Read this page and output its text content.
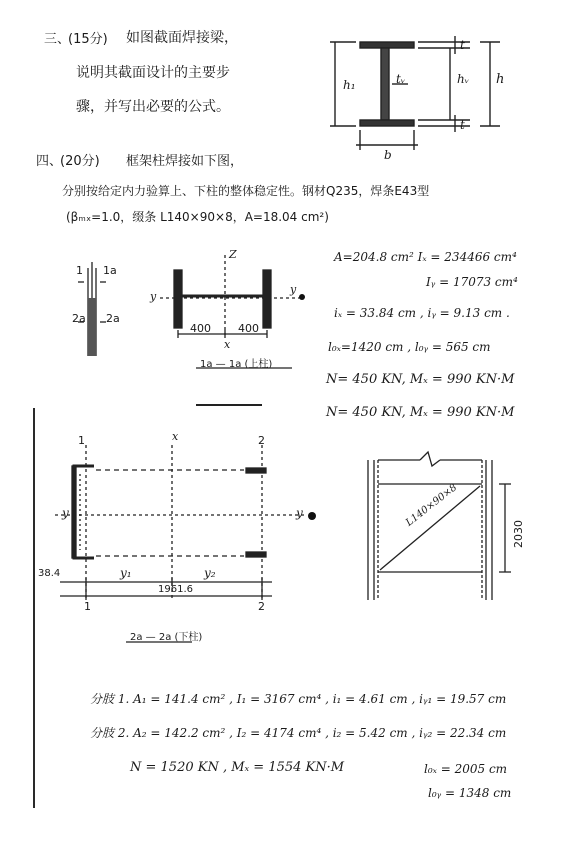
三、
(15分) 如图截面焊接梁，
说明其截面设计的主要步
骤，并写出必要的公式。
t
h₁	tᵥ	hᵥ h
t
b
四、
(20分) 框架柱焊接如下图，
分别按给定内力验算上、下柱的整体稳定性。钢材Q235，焊条E43型
(βₘₓ=1.0，缀条 L140×90×8，A=18.04 cm²)
1 1a
2a 2a
Z
y
y
400 400
x
1a — 1a (上柱)
A=204.8 cm² Iₓ = 234466 cm⁴
Iᵧ = 17073 cm⁴
iₓ = 33.84 cm , iᵧ = 9.13 cm .
l₀ₓ=1420 cm , l₀ᵧ = 565 cm
N= 450 KN, Mₓ = 990 KN·M
N= 450 KN, Mₓ = 990 KN·M
x
1	2
y	y
38.4	y₁	y₂
1961.6
1	2
2a — 2a (下柱)
L140×90×8
2030
分肢 1. A₁ = 141.4 cm² , I₁ = 3167 cm⁴ , i₁ = 4.61 cm , iᵧ₁ = 19.57 cm
分肢 2. A₂ = 142.2 cm² , I₂ = 4174 cm⁴ , i₂ = 5.42 cm , iᵧ₂ = 22.34 cm
N = 1520 KN , Mₓ = 1554 KN·M	l₀ₓ = 2005 cm
l₀ᵧ = 1348 cm
